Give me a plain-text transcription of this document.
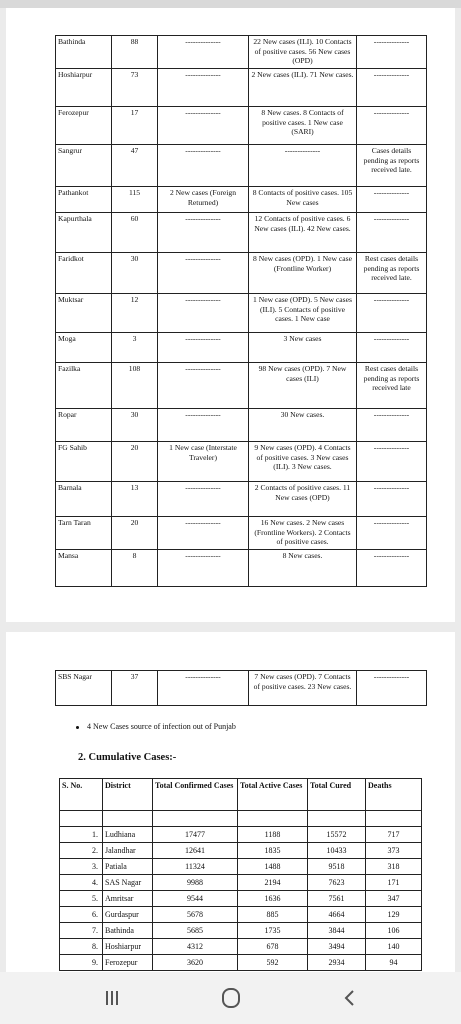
Bathinda	88	--------------	22 New cases (ILI). 10 Contacts of positive cases. 56 New cases (OPD)	--------------
Hoshiarpur	73	--------------	2 New cases (ILI). 71 New cases.	--------------
Ferozepur	17	--------------	8 New cases. 8 Contacts of positive cases. 1 New case (SARI)	--------------
Sangrur	47	--------------	--------------	Cases details pending as reports received late.
Pathankot	115	2 New cases (Foreign Returned)	8 Contacts of positive cases. 105 New cases	--------------
Kapurthala	60	--------------	12 Contacts of positive cases. 6 New cases (ILI). 42 New cases.	--------------
Faridkot	30	--------------	8 New cases (OPD). 1 New case (Frontline Worker)	Rest cases details pending as reports received late.
Muktsar	12	--------------	1 New case (OPD). 5 New cases (ILI). 5 Contacts of positive cases. 1 New case	--------------
Moga	3	--------------	3 New cases	--------------
Fazilka	108	--------------	98 New cases (OPD). 7 New cases (ILI)	Rest cases details pending as reports received late
Ropar	30	--------------	30 New cases.	--------------
FG Sahib	20	1 New case (Interstate Traveler)	9 New cases (OPD). 4 Contacts of positive cases. 3 New cases (ILI). 3 New cases.	--------------
Barnala	13	--------------	2 Contacts of positive cases. 11 New cases (OPD)	--------------
Tarn Taran	20	--------------	16 New cases. 2 New cases (Frontline Workers). 2 Contacts of positive cases.	--------------
Mansa	8	--------------	8 New cases.	--------------
SBS Nagar	37	--------------	7 New cases (OPD). 7 Contacts of positive cases. 23 New cases.	--------------
4 New Cases source of infection out of Punjab
2. Cumulative Cases:-
S. No.	District	Total Confirmed Cases	Total Active Cases	Total Cured	Deaths

1.	Ludhiana	17477	1188	15572	717
2.	Jalandhar	12641	1835	10433	373
3.	Patiala	11324	1488	9518	318
4.	SAS Nagar	9988	2194	7623	171
5.	Amritsar	9544	1636	7561	347
6.	Gurdaspur	5678	885	4664	129
7.	Bathinda	5685	1735	3844	106
8.	Hoshiarpur	4312	678	3494	140
9.	Ferozepur	3620	592	2934	94
